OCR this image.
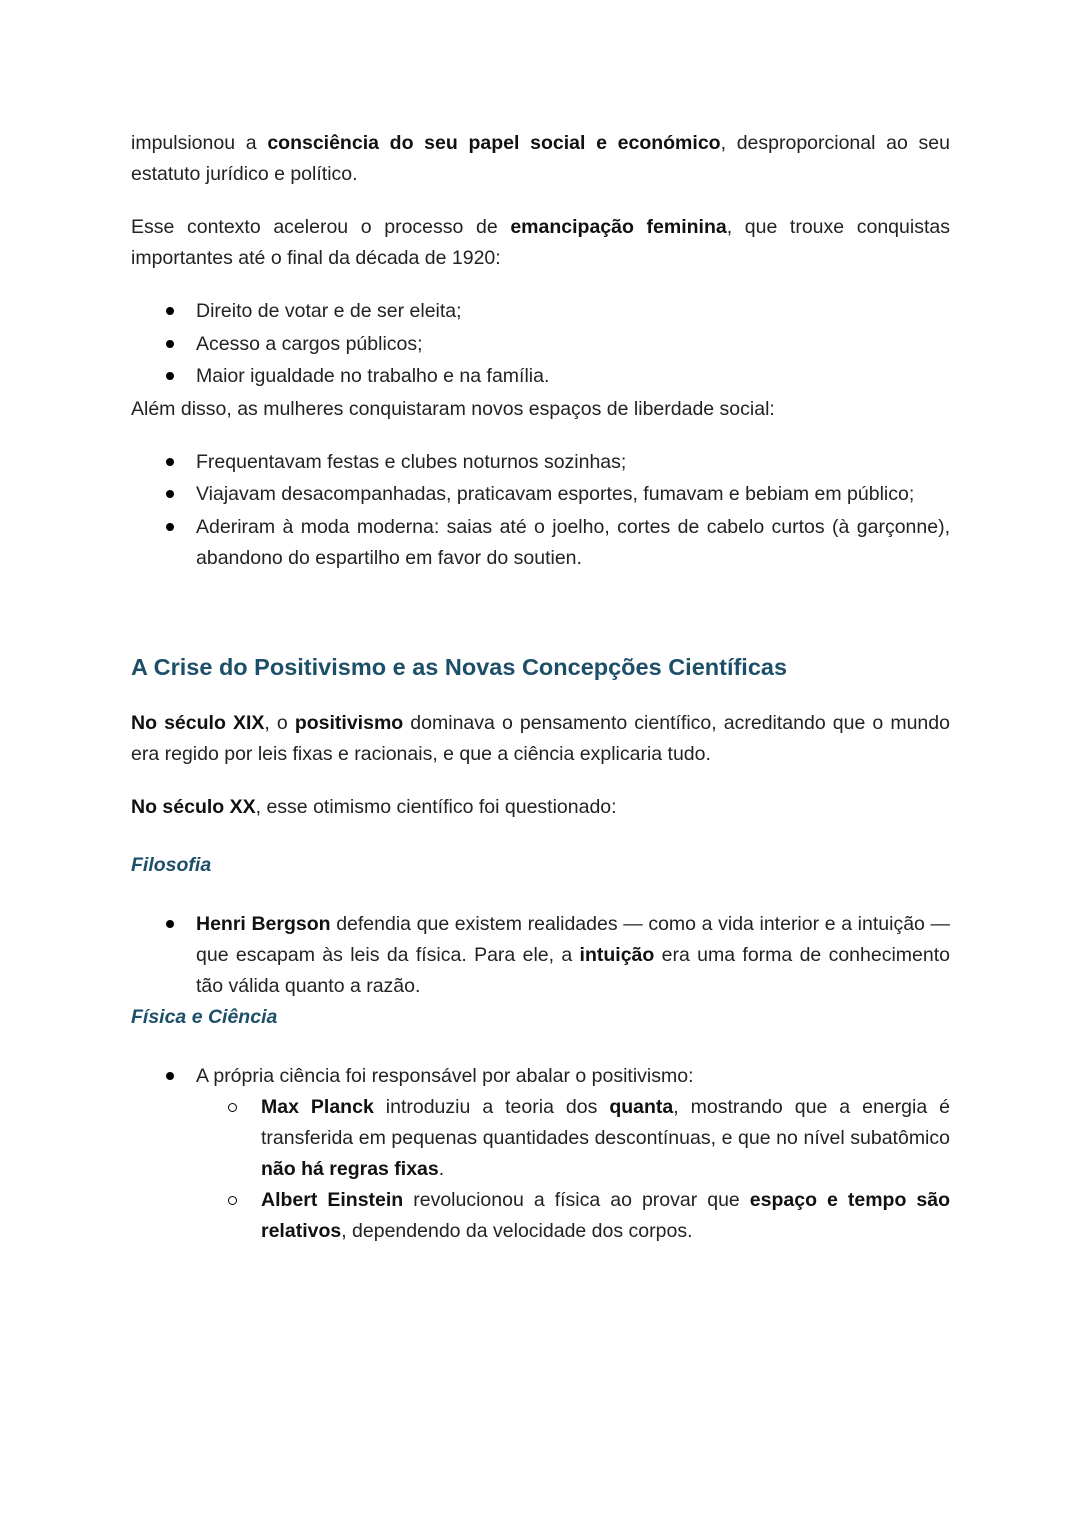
impulsionou a consciência do seu papel social e económico, desproporcional ao seu estatuto jurídico e político.

Esse contexto acelerou o processo de emancipação feminina, que trouxe conquistas importantes até o final da década de 1920:

Direito de votar e de ser eleita;
Acesso a cargos públicos;
Maior igualdade no trabalho e na família.

Além disso, as mulheres conquistaram novos espaços de liberdade social:

Frequentavam festas e clubes noturnos sozinhas;
Viajavam desacompanhadas, praticavam esportes, fumavam e bebiam em público;
Aderiram à moda moderna: saias até o joelho, cortes de cabelo curtos (à garçonne), abandono do espartilho em favor do soutien.
A Crise do Positivismo e as Novas Concepções Científicas

No século XIX, o positivismo dominava o pensamento científico, acreditando que o mundo era regido por leis fixas e racionais, e que a ciência explicaria tudo.

No século XX, esse otimismo científico foi questionado:

Filosofia
Henri Bergson defendia que existem realidades — como a vida interior e a intuição — que escapam às leis da física. Para ele, a intuição era uma forma de conhecimento tão válida quanto a razão.
Física e Ciência
A própria ciência foi responsável por abalar o positivismo:
Max Planck introduziu a teoria dos quanta, mostrando que a energia é transferida em pequenas quantidades descontínuas, e que no nível subatômico não há regras fixas.
Albert Einstein revolucionou a física ao provar que espaço e tempo são relativos, dependendo da velocidade dos corpos.
